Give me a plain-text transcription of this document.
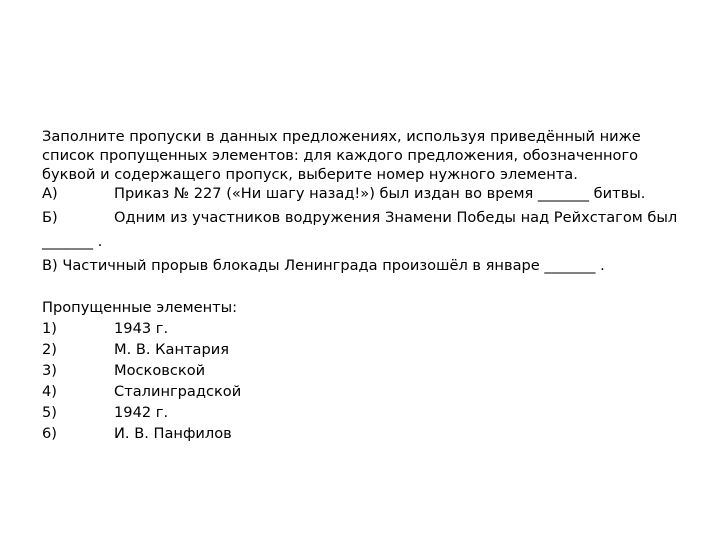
Заполните пропуски в данных предложениях, используя приведённый ниже

список пропущенных элементов: для каждого предложения, обозначенного

буквой и содержащего пропуск, выберите номер нужного элемента.

А)	Приказ № 227 («Ни шагу назад!») был издан во время _______ битвы.
Б)	Одним из участников водружения Знамени Победы над Рейхстагом был

_______ .

В) Частичный прорыв блокады Ленинграда произошёл в январе _______ .

Пропущенные элементы:

1)	1943 г.
2)	М. В. Кантария
3)	Московской
4)	Сталинградской
5)	1942 г.
6)	И. В. Панфилов
